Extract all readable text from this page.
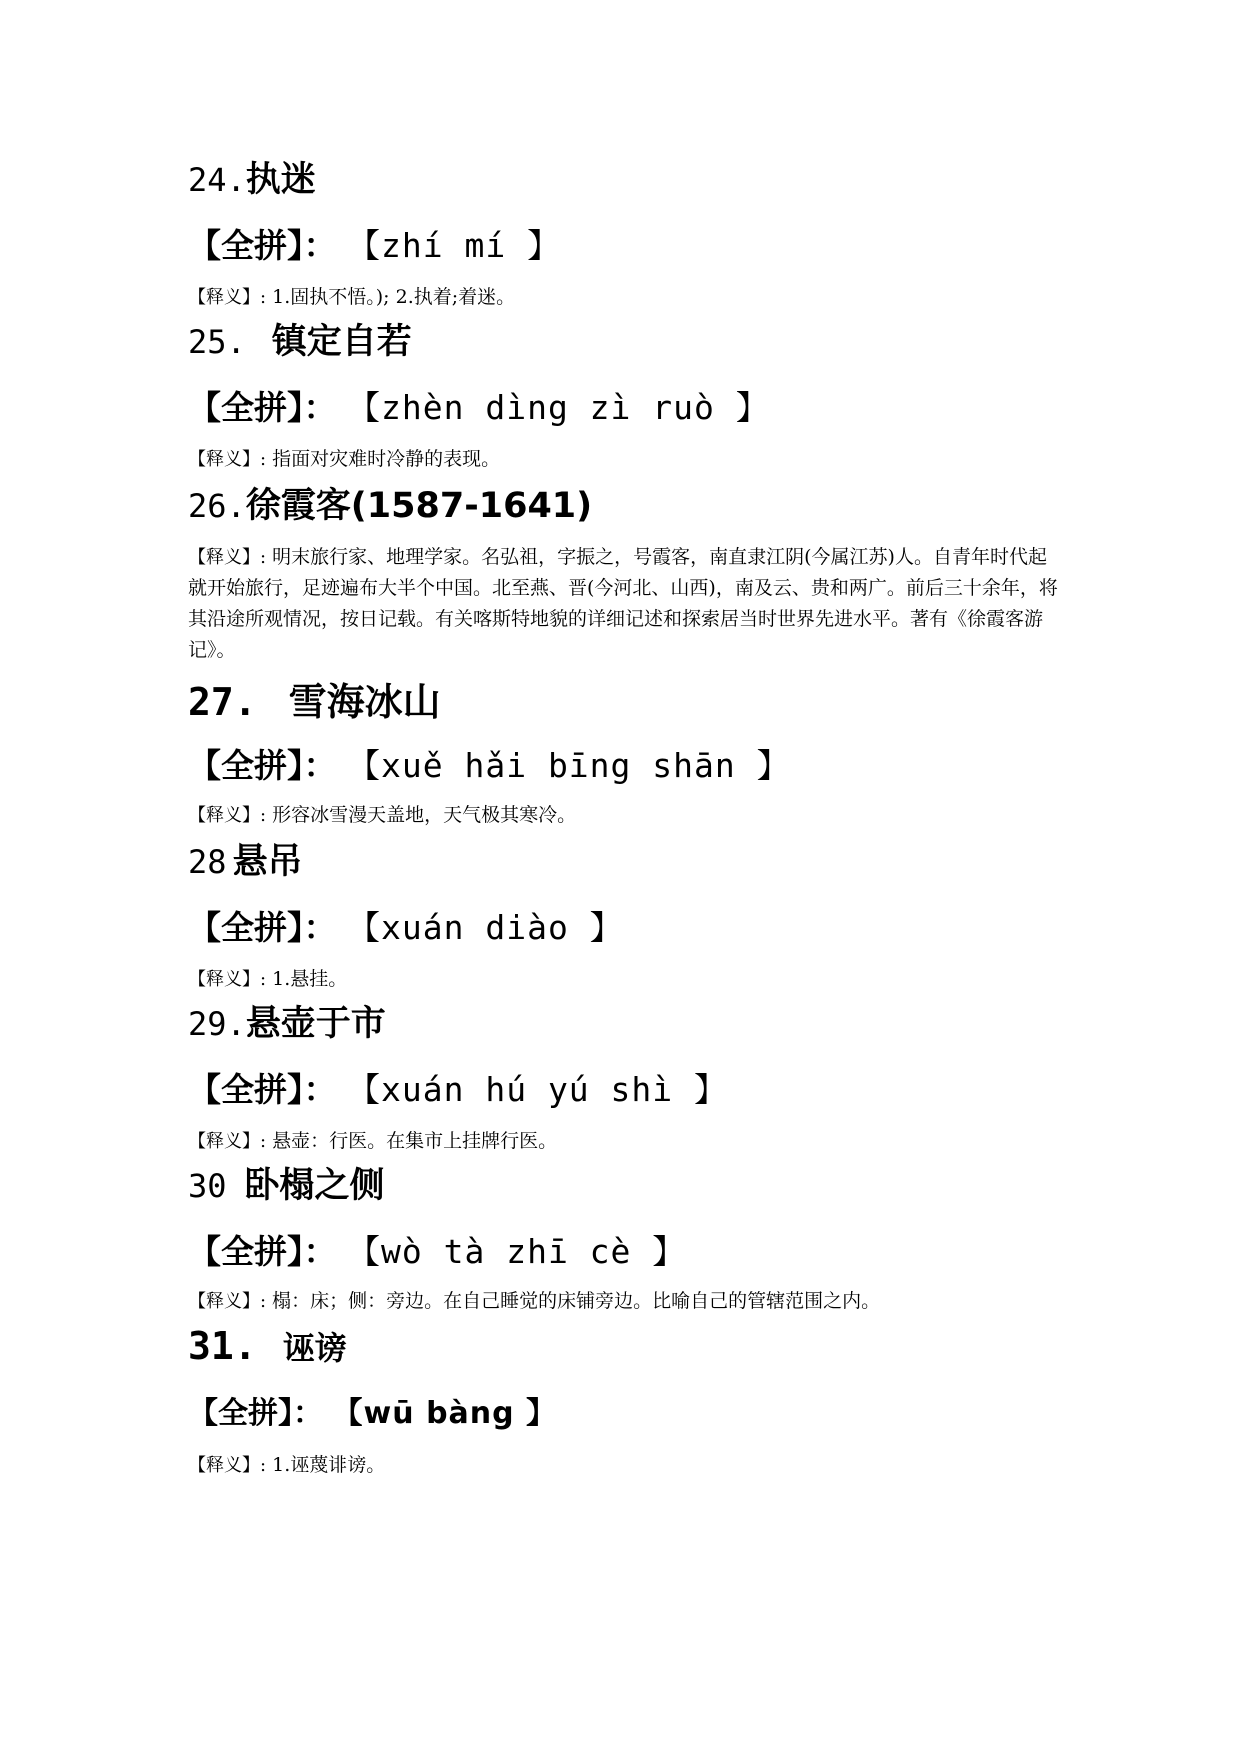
24.执迷
【全拼】： 【zhí mí 】
【释义】: 1.固执不悟。); 2.执着;着迷。
25. 镇定自若
【全拼】： 【zhèn dìng zì ruò 】
【释义】: 指面对灾难时冷静的表现。
26.徐霞客(1587-1641)
【释义】: 明末旅行家、地理学家。名弘祖，字振之，号霞客，南直隶江阴(今属江苏)人。自青年时代起就开始旅行，足迹遍布大半个中国。北至燕、晋(今河北、山西)，南及云、贵和两广。前后三十余年，将其沿途所观情况，按日记载。有关喀斯特地貌的详细记述和探索居当时世界先进水平。著有《徐霞客游记》。
27. 雪海冰山
【全拼】： 【xuě hǎi bīng shān 】
【释义】: 形容冰雪漫天盖地，天气极其寒冷。
28 悬吊
【全拼】： 【xuán diào 】
【释义】: 1.悬挂。
29.悬壶于市
【全拼】： 【xuán hú yú shì 】
【释义】: 悬壶：行医。在集市上挂牌行医。
30 卧榻之侧
【全拼】： 【wò tà zhī cè 】
【释义】: 榻：床；侧：旁边。在自己睡觉的床铺旁边。比喻自己的管辖范围之内。
31. 诬谤
【全拼】： 【wū bàng 】
【释义】: 1.诬蔑诽谤。
